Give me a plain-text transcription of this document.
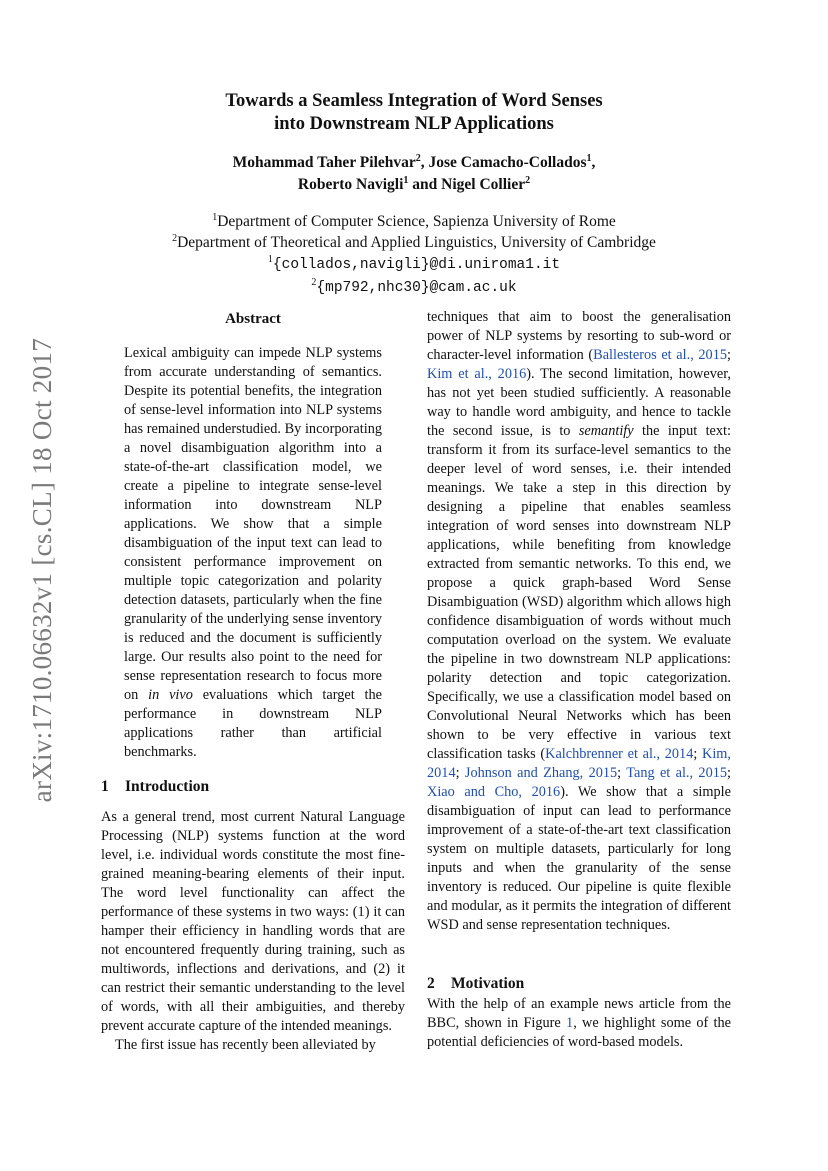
arXiv:1710.06632v1 [cs.CL] 18 Oct 2017
Towards a Seamless Integration of Word Senses
into Downstream NLP Applications
Mohammad Taher Pilehvar$^2$, Jose Camacho-Collados$^1$,
Roberto Navigli$^1$ and Nigel Collier$^2$
$^1$Department of Computer Science, Sapienza University of Rome
$^2$Department of Theoretical and Applied Linguistics, University of Cambridge
$^1${collados,navigli}@di.uniroma1.it
$^2${mp792,nhc30}@cam.ac.uk
Abstract

Lexical ambiguity can impede NLP systems from accurate understanding of semantics. Despite its potential benefits, the integration of sense-level information into NLP systems has remained understudied. By incorporating a novel disambiguation algorithm into a state-of-the-art classification model, we create a pipeline to integrate sense-level information into downstream NLP applications. We show that a simple disambiguation of the input text can lead to consistent performance improvement on multiple topic categorization and polarity detection datasets, particularly when the fine granularity of the underlying sense inventory is reduced and the document is sufficiently large. Our results also point to the need for sense representation research to focus more on in vivo evaluations which target the performance in downstream NLP applications rather than artificial benchmarks.

1 Introduction

As a general trend, most current Natural Language Processing (NLP) systems function at the word level, i.e. individual words constitute the most fine-grained meaning-bearing elements of their input. The word level functionality can affect the performance of these systems in two ways: (1) it can hamper their efficiency in handling words that are not encountered frequently during training, such as multiwords, inflections and derivations, and (2) it can restrict their semantic understanding to the level of words, with all their ambiguities, and thereby prevent accurate capture of the intended meanings.

The first issue has recently been alleviated by

techniques that aim to boost the generalisation power of NLP systems by resorting to sub-word or character-level information (Ballesteros et al., 2015; Kim et al., 2016). The second limitation, however, has not yet been studied sufficiently. A reasonable way to handle word ambiguity, and hence to tackle the second issue, is to semantify the input text: transform it from its surface-level semantics to the deeper level of word senses, i.e. their intended meanings. We take a step in this direction by designing a pipeline that enables seamless integration of word senses into downstream NLP applications, while benefiting from knowledge extracted from semantic networks. To this end, we propose a quick graph-based Word Sense Disambiguation (WSD) algorithm which allows high confidence disambiguation of words without much computation overload on the system. We evaluate the pipeline in two downstream NLP applications: polarity detection and topic categorization. Specifically, we use a classification model based on Convolutional Neural Networks which has been shown to be very effective in various text classification tasks (Kalchbrenner et al., 2014; Kim, 2014; Johnson and Zhang, 2015; Tang et al., 2015; Xiao and Cho, 2016). We show that a simple disambiguation of input can lead to performance improvement of a state-of-the-art text classification system on multiple datasets, particularly for long inputs and when the granularity of the sense inventory is reduced. Our pipeline is quite flexible and modular, as it permits the integration of different WSD and sense representation techniques.

2 Motivation

With the help of an example news article from the BBC, shown in Figure 1, we highlight some of the potential deficiencies of word-based models.
